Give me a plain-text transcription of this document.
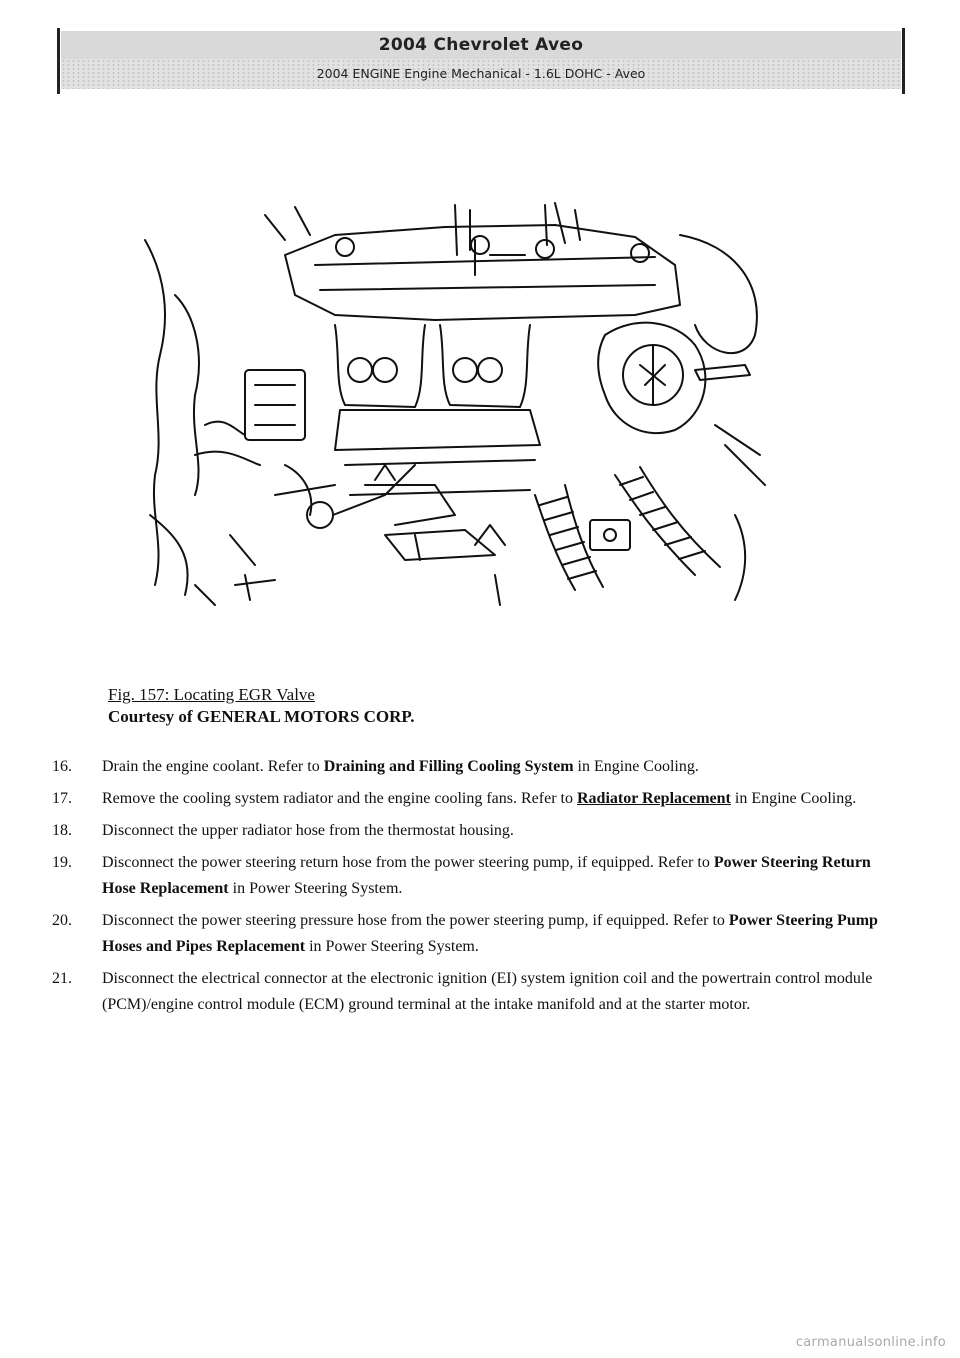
2004 Chevrolet Aveo
2004 ENGINE Engine Mechanical - 1.6L DOHC - Aveo
Fig. 157: Locating EGR Valve
Courtesy of GENERAL MOTORS CORP.
16. Drain the engine coolant. Refer to Draining and Filling Cooling System in Engine Cooling.
17. Remove the cooling system radiator and the engine cooling fans. Refer to Radiator Replacement in Engine Cooling.
18. Disconnect the upper radiator hose from the thermostat housing.
19. Disconnect the power steering return hose from the power steering pump, if equipped. Refer to Power Steering Return Hose Replacement in Power Steering System.
20. Disconnect the power steering pressure hose from the power steering pump, if equipped. Refer to Power Steering Pump Hoses and Pipes Replacement in Power Steering System.
21. Disconnect the electrical connector at the electronic ignition (EI) system ignition coil and the powertrain control module (PCM)/engine control module (ECM) ground terminal at the intake manifold and at the starter motor.
carmanualsonline.info
